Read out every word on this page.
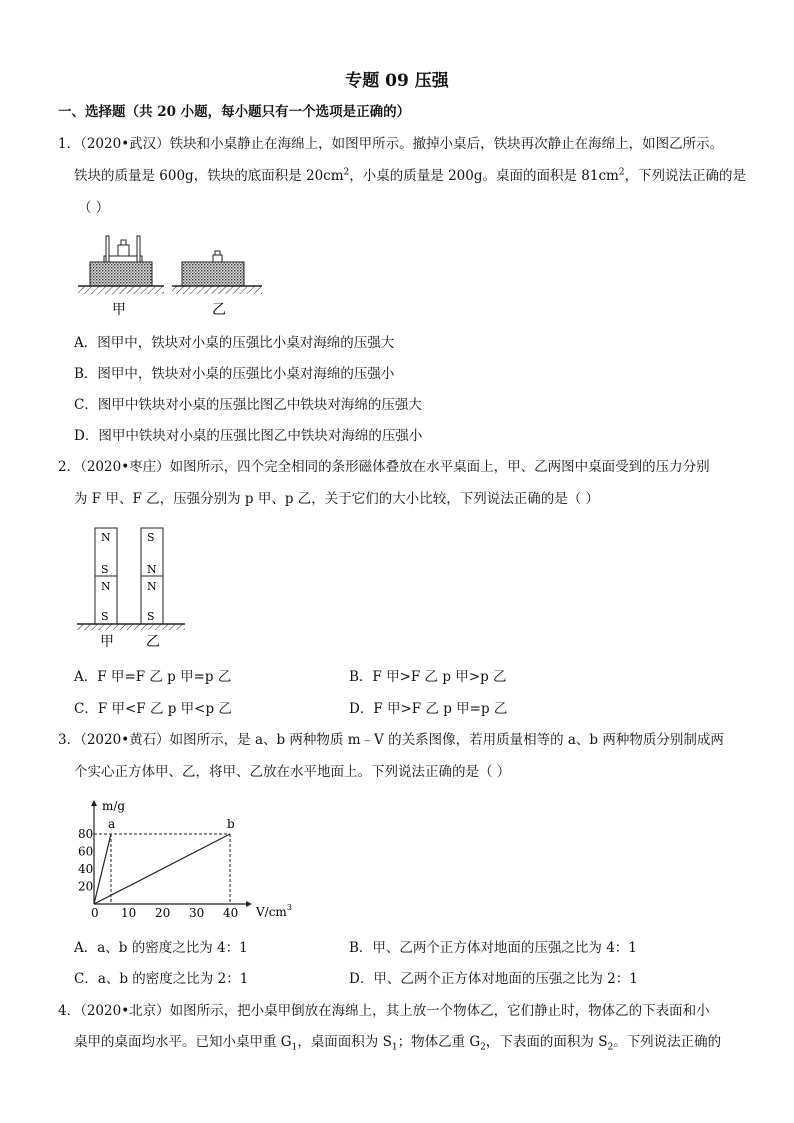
专题 09 压强
一、选择题（共 20 小题，每小题只有一个选项是正确的）
1．（2020•武汉）铁块和小桌静止在海绵上，如图甲所示。撤掉小桌后，铁块再次静止在海绵上，如图乙所示。
铁块的质量是 600g，铁块的底面积是 $20cm^2$，小桌的质量是 200g。桌面的面积是 $81cm^2$，下列说法正确的是
（ ）
甲	乙
A．图甲中，铁块对小桌的压强比小桌对海绵的压强大
B．图甲中，铁块对小桌的压强比小桌对海绵的压强小
C．图甲中铁块对小桌的压强比图乙中铁块对海绵的压强大
D．图甲中铁块对小桌的压强比图乙中铁块对海绵的压强小
2．（2020•枣庄）如图所示，四个完全相同的条形磁体叠放在水平桌面上，甲、乙两图中桌面受到的压力分别
为 F 甲、F 乙，压强分别为 p 甲、p 乙，关于它们的大小比较，下列说法正确的是（ ）
N
S
N
S
S
N
N
S
甲 乙
A．F 甲=F 乙 p 甲=p 乙	B．F 甲>F 乙 p 甲>p 乙
C．F 甲<F 乙 p 甲<p 乙	D．F 甲>F 乙 p 甲=p 乙
3．（2020•黄石）如图所示，是 a、b 两种物质 m﹣V 的关系图像，若用质量相等的 a、b 两种物质分别制成两
个实心正方体甲、乙，将甲、乙放在水平地面上。下列说法正确的是（ ）
m/g
$V/cm^3$
0 10 20 30 40
20
40
60
80
a	b
A．a、b 的密度之比为 4：1	B．甲、乙两个正方体对地面的压强之比为 4：1
C．a、b 的密度之比为 2：1	D．甲、乙两个正方体对地面的压强之比为 2：1
4．（2020•北京）如图所示，把小桌甲倒放在海绵上，其上放一个物体乙，它们静止时，物体乙的下表面和小
桌甲的桌面均水平。已知小桌甲重 $G_1$，桌面面积为 $S_1$；物体乙重 $G_2$，下表面的面积为 $S_2$。下列说法正确的
